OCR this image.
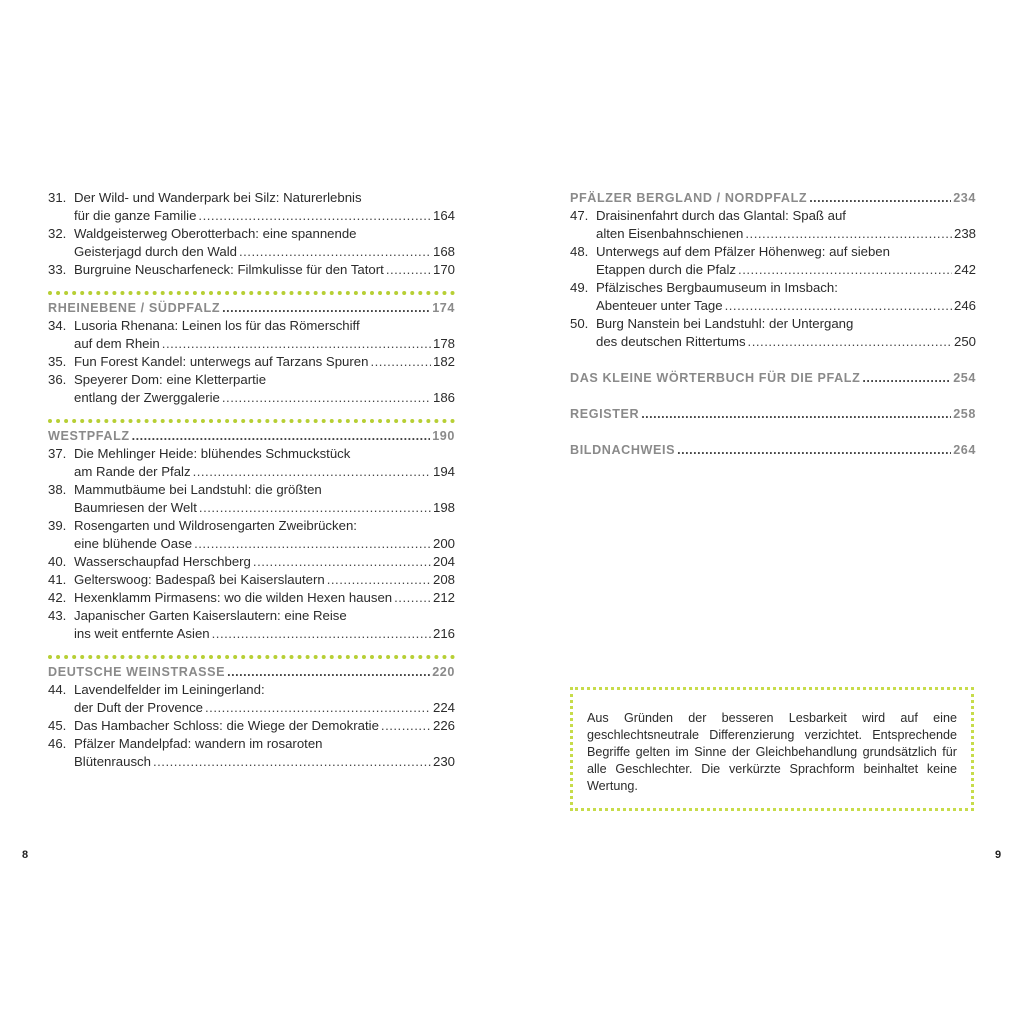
31. Der Wild- und Wanderpark bei Silz: Naturerlebnis
für die ganze Familie .....	164
32. Waldgeisterweg Oberotterbach: eine spannende
Geisterjagd durch den Wald .....	168
33. Burgruine Neuscharfeneck: Filmkulisse für den Tatort .....	170
RHEINEBENE / SÜDPFALZ .....	174
34. Lusoria Rhenana: Leinen los für das Römerschiff
auf dem Rhein .....	178
35. Fun Forest Kandel: unterwegs auf Tarzans Spuren .....	182
36. Speyerer Dom: eine Kletterpartie
entlang der Zwerggalerie .....	186
WESTPFALZ .....	190
37. Die Mehlinger Heide: blühendes Schmuckstück
am Rande der Pfalz .....	194
38. Mammutbäume bei Landstuhl: die größten
Baumriesen der Welt .....	198
39. Rosengarten und Wildrosengarten Zweibrücken:
eine blühende Oase .....	200
40. Wasserschaupfad Herschberg .....	204
41. Gelterswoog: Badespaß bei Kaiserslautern .....	208
42. Hexenklamm Pirmasens: wo die wilden Hexen hausen .....	212
43. Japanischer Garten Kaiserslautern: eine Reise
ins weit entfernte Asien .....	216
DEUTSCHE WEINSTRASSE .....	220
44. Lavendelfelder im Leiningerland:
der Duft der Provence .....	224
45. Das Hambacher Schloss: die Wiege der Demokratie .....	226
46. Pfälzer Mandelpfad: wandern im rosaroten
Blütenrausch .....	230
PFÄLZER BERGLAND / NORDPFALZ .....	234
47. Draisinenfahrt durch das Glantal: Spaß auf
alten Eisenbahnschienen .....	238
48. Unterwegs auf dem Pfälzer Höhenweg: auf sieben
Etappen durch die Pfalz .....	242
49. Pfälzisches Bergbaumuseum in Imsbach:
Abenteuer unter Tage .....	246
50. Burg Nanstein bei Landstuhl: der Untergang
des deutschen Rittertums .....	250
DAS KLEINE WÖRTERBUCH FÜR DIE PFALZ .....	254
REGISTER .....	258
BILDNACHWEIS .....	264

Aus Gründen der besseren Lesbarkeit wird auf eine geschlechtsneutrale Differenzierung verzichtet. Entsprechende Begriffe gelten im Sinne der Gleichbehandlung grundsätzlich für alle Geschlechter. Die verkürzte Sprachform beinhaltet keine Wertung.

8	9
